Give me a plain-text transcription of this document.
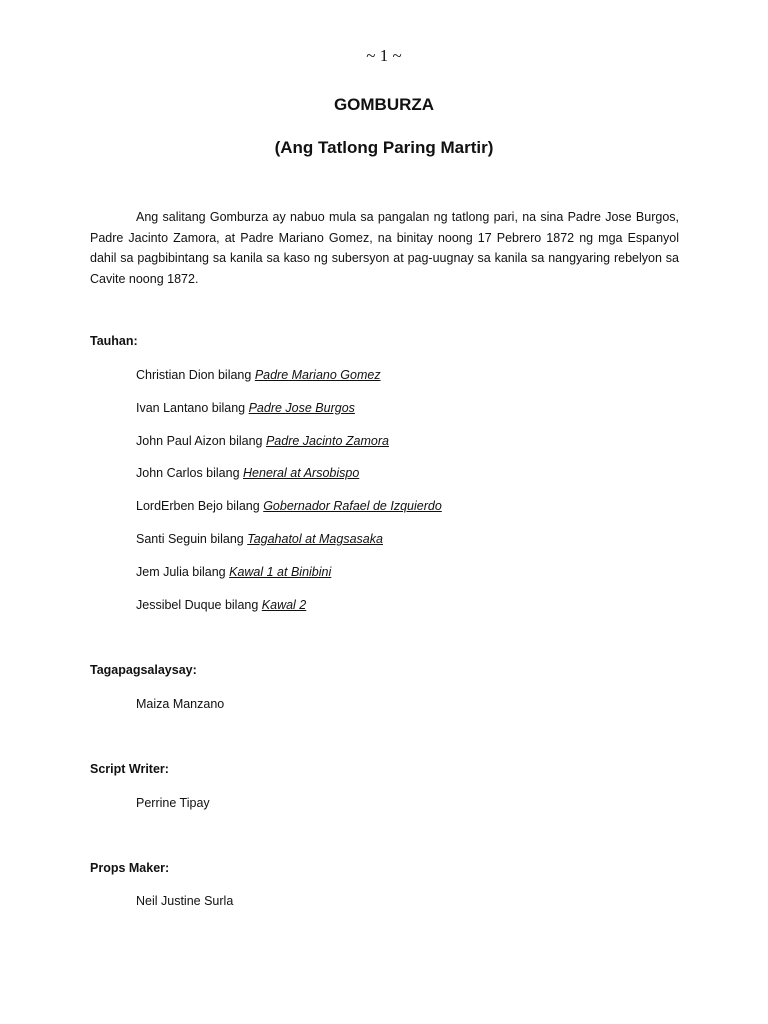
~ 1 ~
GOMBURZA
(Ang Tatlong Paring Martir)

Ang salitang Gomburza ay nabuo mula sa pangalan ng tatlong pari, na sina Padre Jose Burgos, Padre Jacinto Zamora, at Padre Mariano Gomez, na binitay noong 17 Pebrero 1872 ng mga Espanyol dahil sa pagbibintang sa kanila sa kaso ng subersyon at pag-uugnay sa kanila sa nangyaring rebelyon sa Cavite noong 1872.

Tauhan:
Christian Dion bilang Padre Mariano Gomez
Ivan Lantano bilang Padre Jose Burgos
John Paul Aizon bilang Padre Jacinto Zamora
John Carlos bilang Heneral at Arsobispo
LordErben Bejo bilang Gobernador Rafael de Izquierdo
Santi Seguin bilang Tagahatol at Magsasaka
Jem Julia bilang Kawal 1 at Binibini
Jessibel Duque bilang Kawal 2
Tagapagsalaysay:
Maiza Manzano
Script Writer:
Perrine Tipay
Props Maker:
Neil Justine Surla
